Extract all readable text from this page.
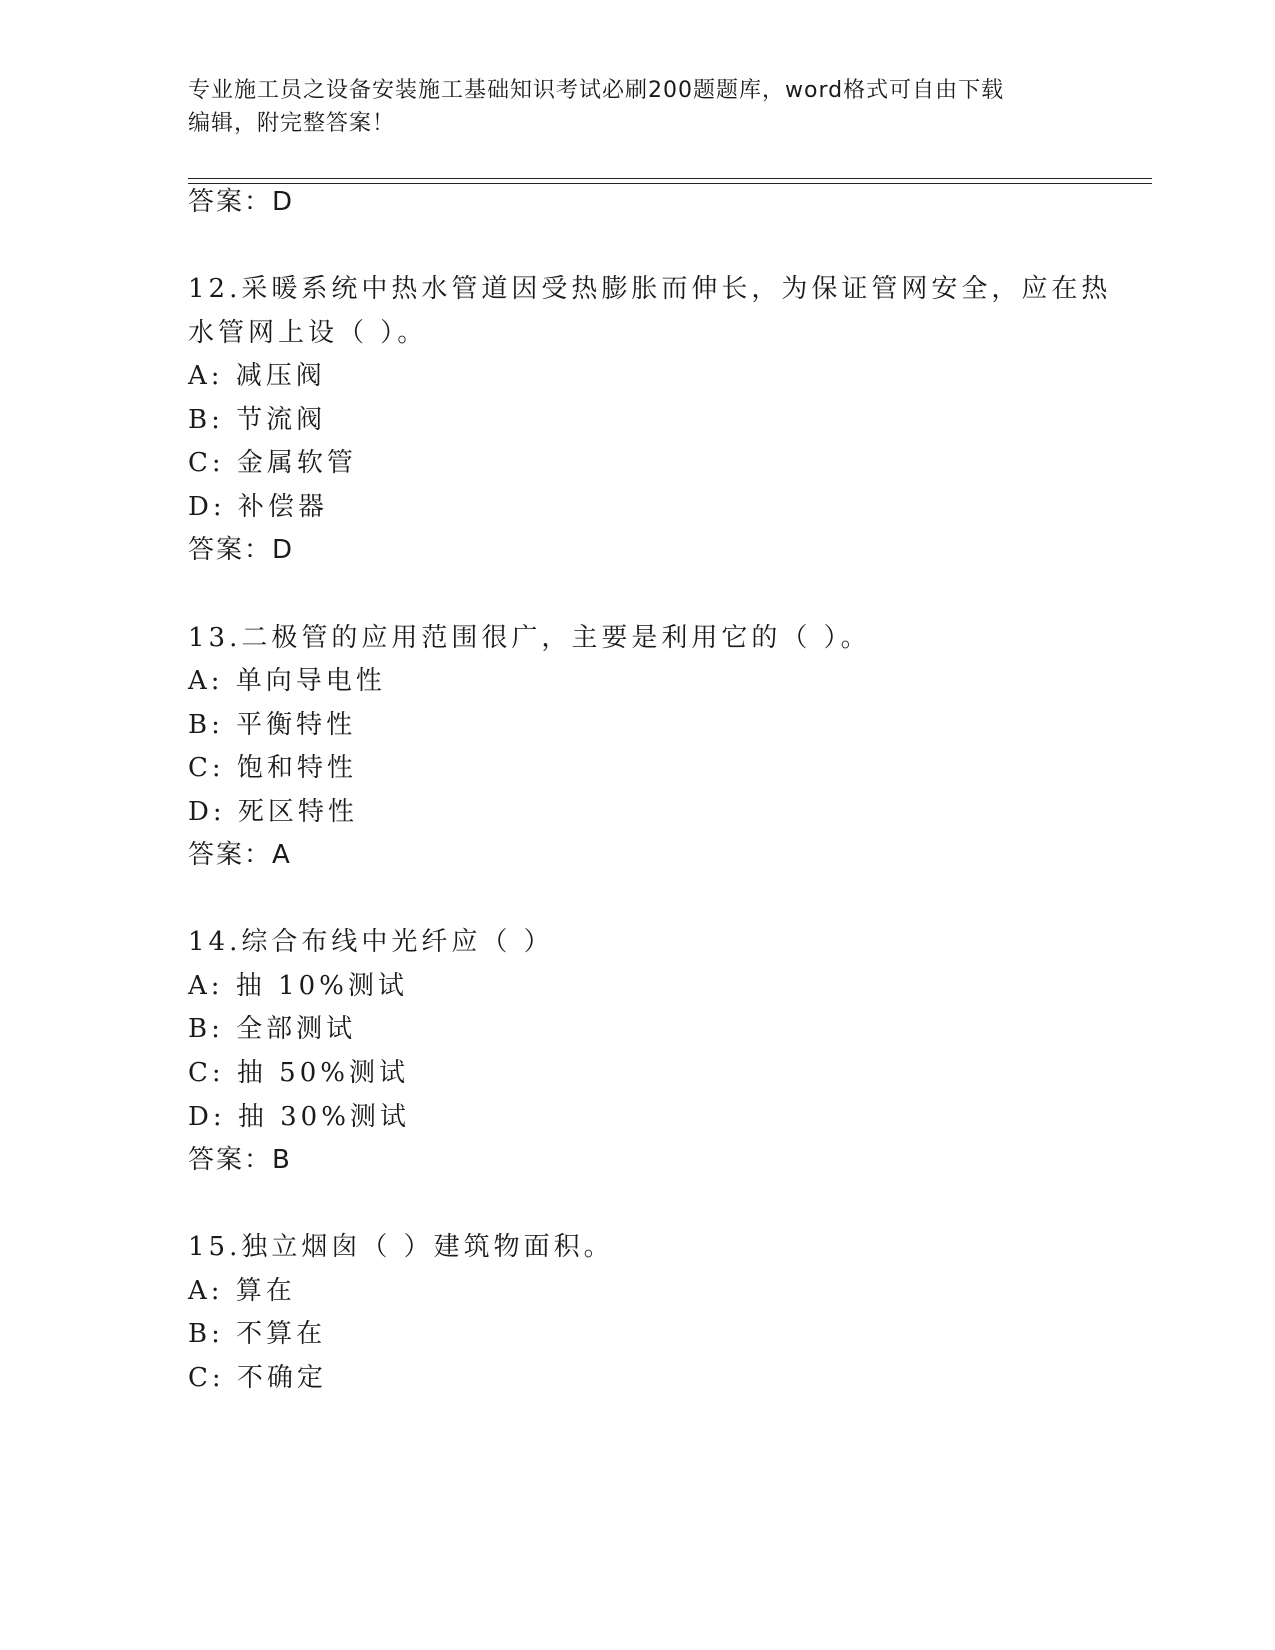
专业施工员之设备安装施工基础知识考试必刷200题题库，word格式可自由下载
编辑，附完整答案！
答案：D
12.采暖系统中热水管道因受热膨胀而伸长，为保证管网安全，应在热
水管网上设（ ）。
A: 减压阀
B: 节流阀
C: 金属软管
D: 补偿器
答案：D
13.二极管的应用范围很广，主要是利用它的（ ）。
A: 单向导电性
B: 平衡特性
C: 饱和特性
D: 死区特性
答案：A
14.综合布线中光纤应（ ）
A: 抽 10%测试
B: 全部测试
C: 抽 50%测试
D: 抽 30%测试
答案：B
15.独立烟囱（ ）建筑物面积。
A: 算在
B: 不算在
C: 不确定
